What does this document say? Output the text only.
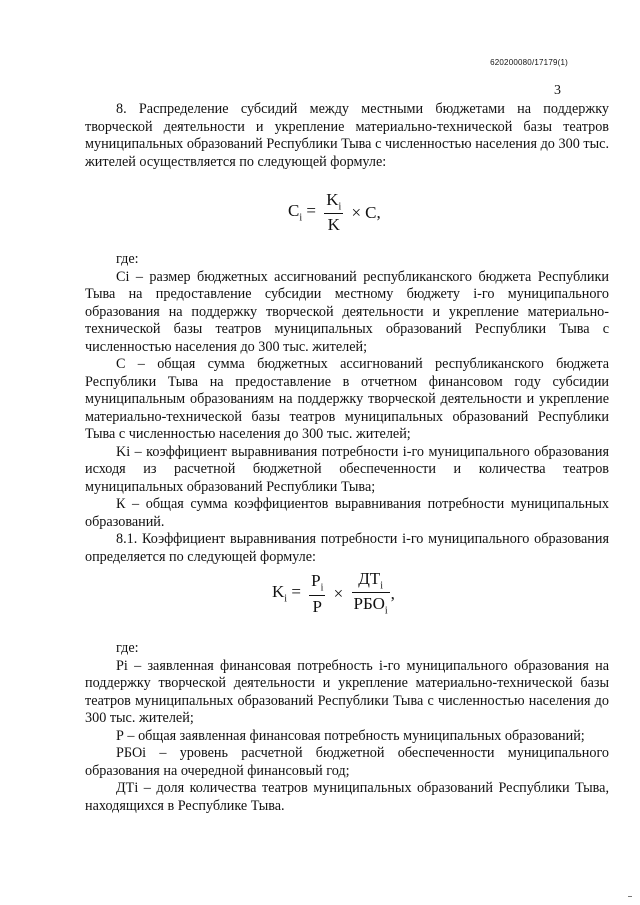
620200080/17179(1)
3

8. Распределение субсидий между местными бюджетами на поддержку творческой деятельности и укрепление материально-технической базы театров муниципальных образований Республики Тыва с численностью населения до 300 тыс. жителей осуществляется по следующей формуле:

$C_i = \frac{K_i}{K} \times C$,

где:

Ci – размер бюджетных ассигнований республиканского бюджета Республики Тыва на предоставление субсидии местному бюджету i-го муниципального образования на поддержку творческой деятельности и укрепление материально-технической базы театров муниципальных образований Республики Тыва с численностью населения до 300 тыс. жителей;

С – общая сумма бюджетных ассигнований республиканского бюджета Республики Тыва на предоставление в отчетном финансовом году субсидии муниципальным образованиям на поддержку творческой деятельности и укрепление материально-технической базы театров муниципальных образований Республики Тыва с численностью населения до 300 тыс. жителей;

Ki – коэффициент выравнивания потребности i-го муниципального образования исходя из расчетной бюджетной обеспеченности и количества театров муниципальных образований Республики Тыва;

К – общая сумма коэффициентов выравнивания потребности муниципальных образований.

8.1. Коэффициент выравнивания потребности i-го муниципального образования определяется по следующей формуле:

$K_i = \frac{P_i}{P} \times \frac{ДТ_i}{РБО_i}$ ,

где:

Pi – заявленная финансовая потребность i-го муниципального образования на поддержку творческой деятельности и укрепление материально-технической базы театров муниципальных образований Республики Тыва с численностью населения до 300 тыс. жителей;

Р – общая заявленная финансовая потребность муниципальных образований;

РБОi – уровень расчетной бюджетной обеспеченности муниципального образования на очередной финансовый год;

ДТi – доля количества театров муниципальных образований Республики Тыва, находящихся в Республике Тыва.
